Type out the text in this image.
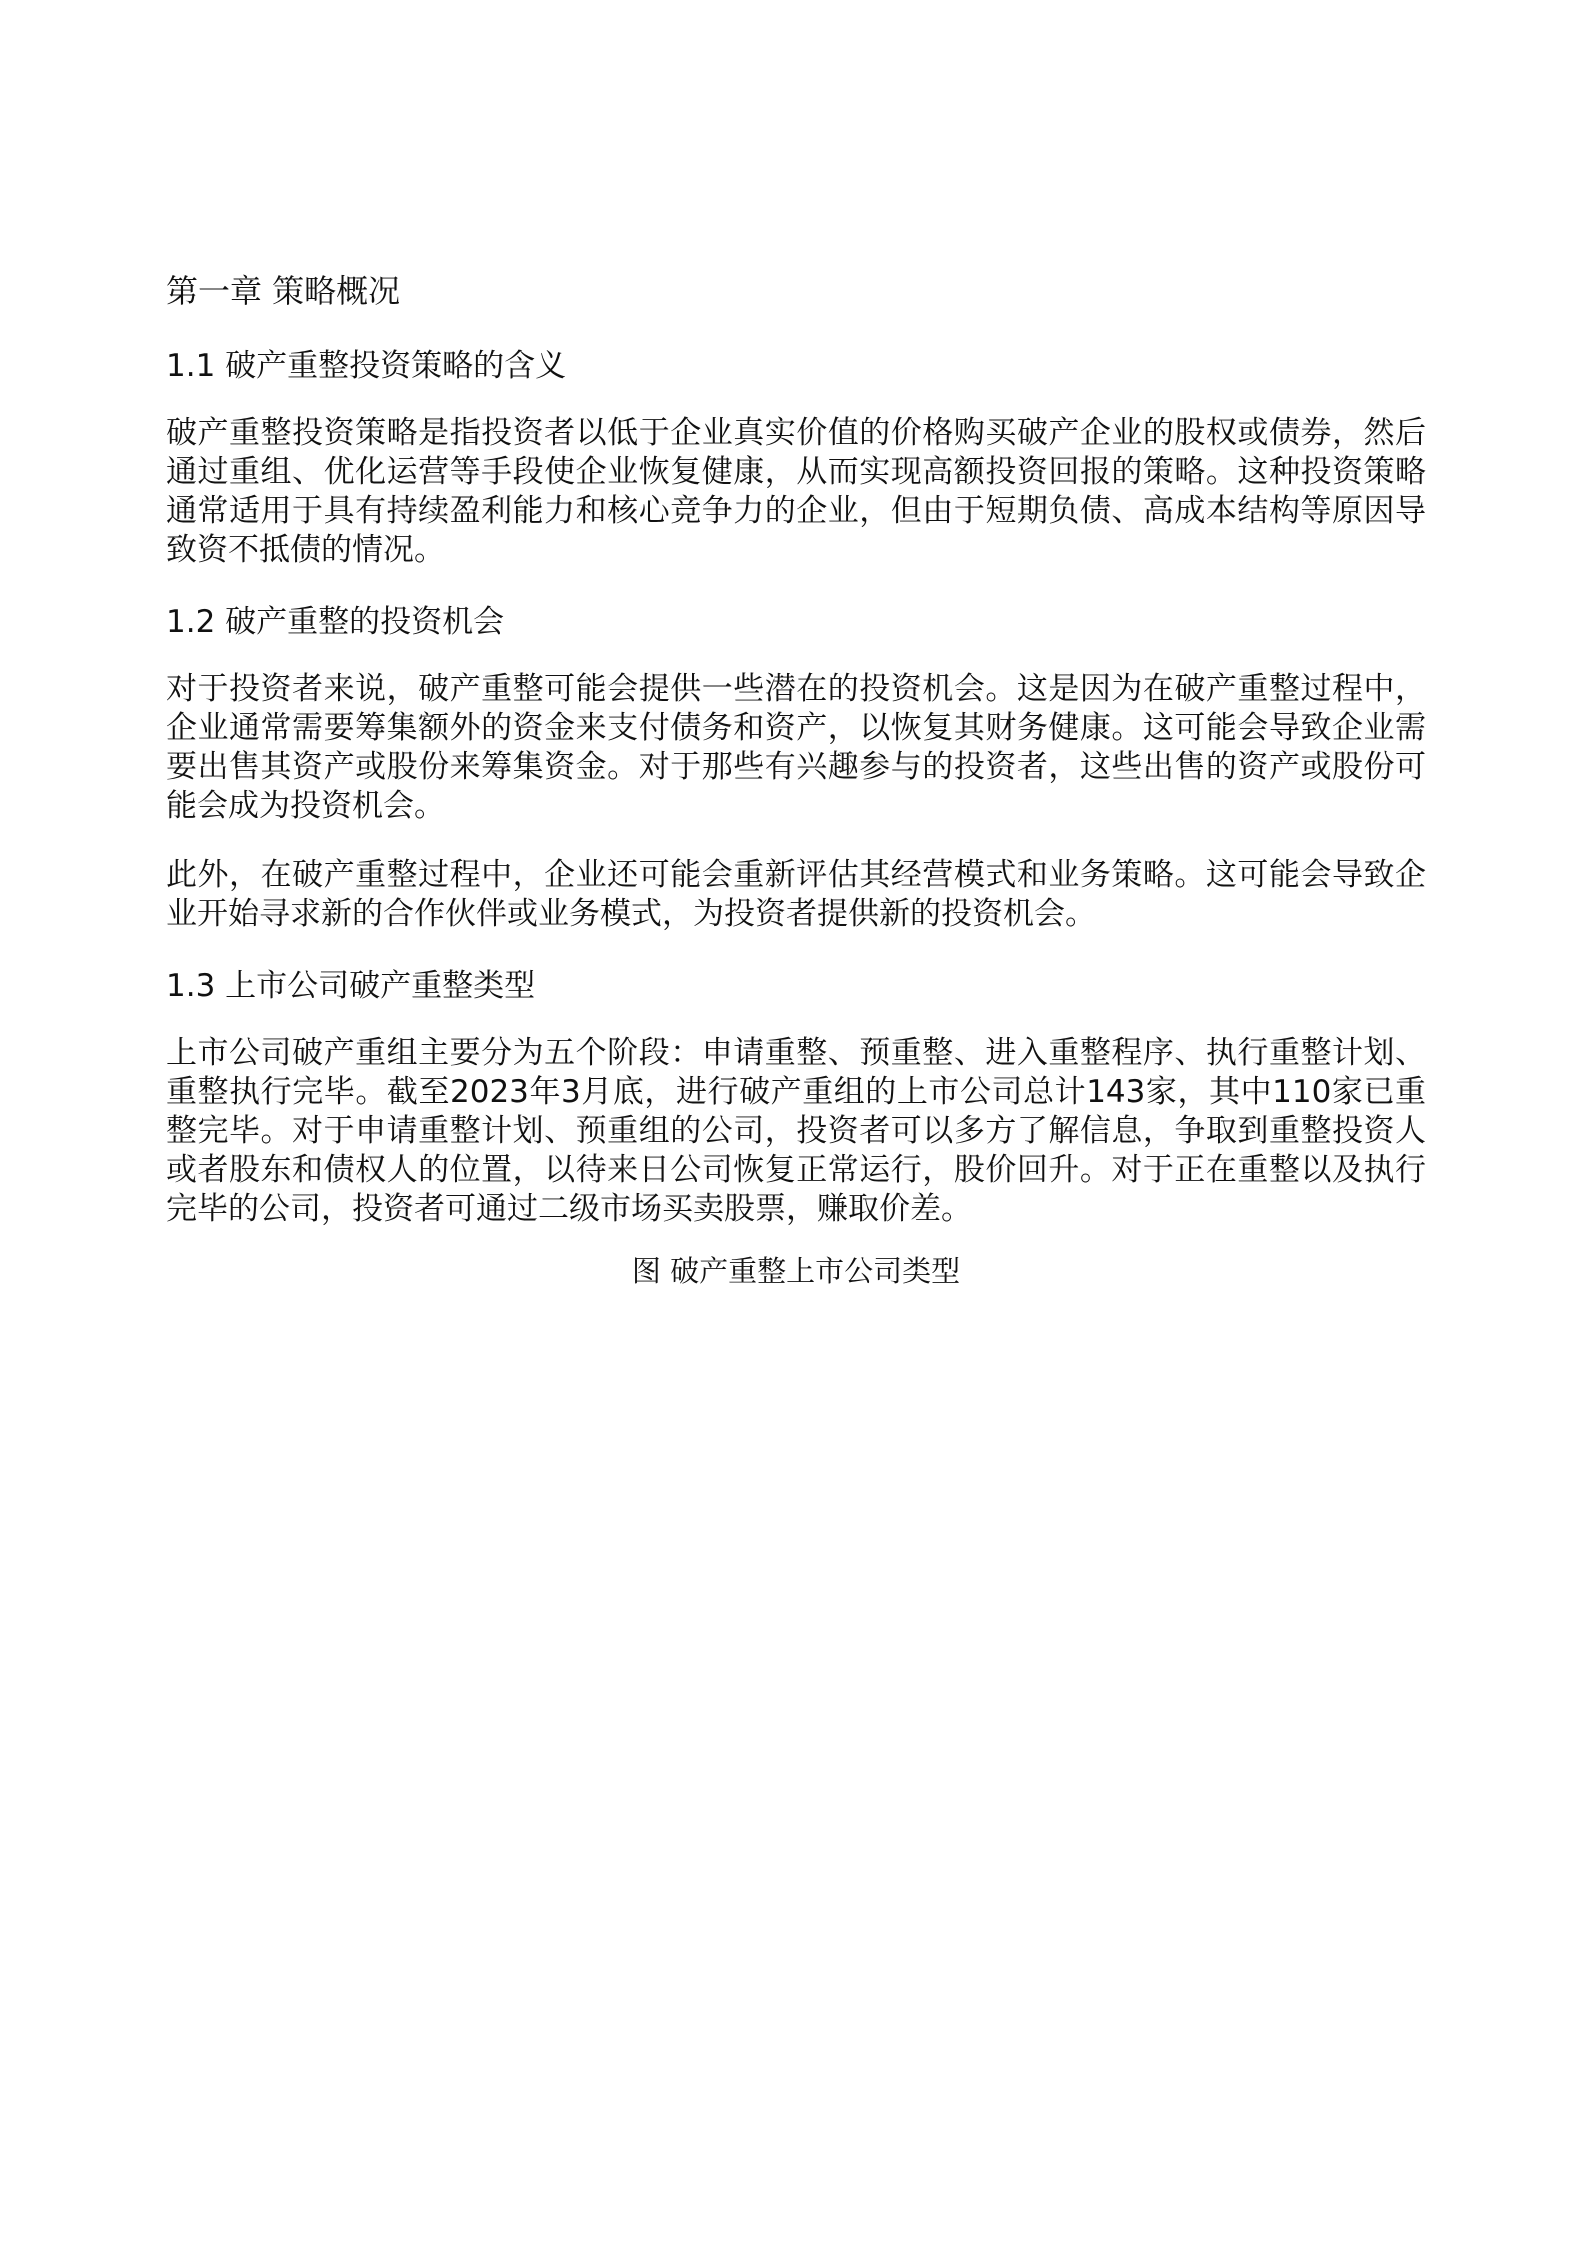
第一章 策略概况
1.1 破产重整投资策略的含义

破产重整投资策略是指投资者以低于企业真实价值的价格购买破产企业的股权或债券，然后通过重组、优化运营等手段使企业恢复健康，从而实现高额投资回报的策略。这种投资策略通常适用于具有持续盈利能力和核心竞争力的企业，但由于短期负债、高成本结构等原因导致资不抵债的情况。

1.2 破产重整的投资机会

对于投资者来说，破产重整可能会提供一些潜在的投资机会。这是因为在破产重整过程中，企业通常需要筹集额外的资金来支付债务和资产，以恢复其财务健康。这可能会导致企业需要出售其资产或股份来筹集资金。对于那些有兴趣参与的投资者，这些出售的资产或股份可能会成为投资机会。

此外，在破产重整过程中，企业还可能会重新评估其经营模式和业务策略。这可能会导致企业开始寻求新的合作伙伴或业务模式，为投资者提供新的投资机会。

1.3 上市公司破产重整类型

上市公司破产重组主要分为五个阶段：申请重整、预重整、进入重整程序、执行重整计划、重整执行完毕。截至2023年3月底，进行破产重组的上市公司总计143家，其中110家已重整完毕。对于申请重整计划、预重组的公司，投资者可以多方了解信息，争取到重整投资人或者股东和债权人的位置，以待来日公司恢复正常运行，股价回升。对于正在重整以及执行完毕的公司，投资者可通过二级市场买卖股票，赚取价差。

图 破产重整上市公司类型
